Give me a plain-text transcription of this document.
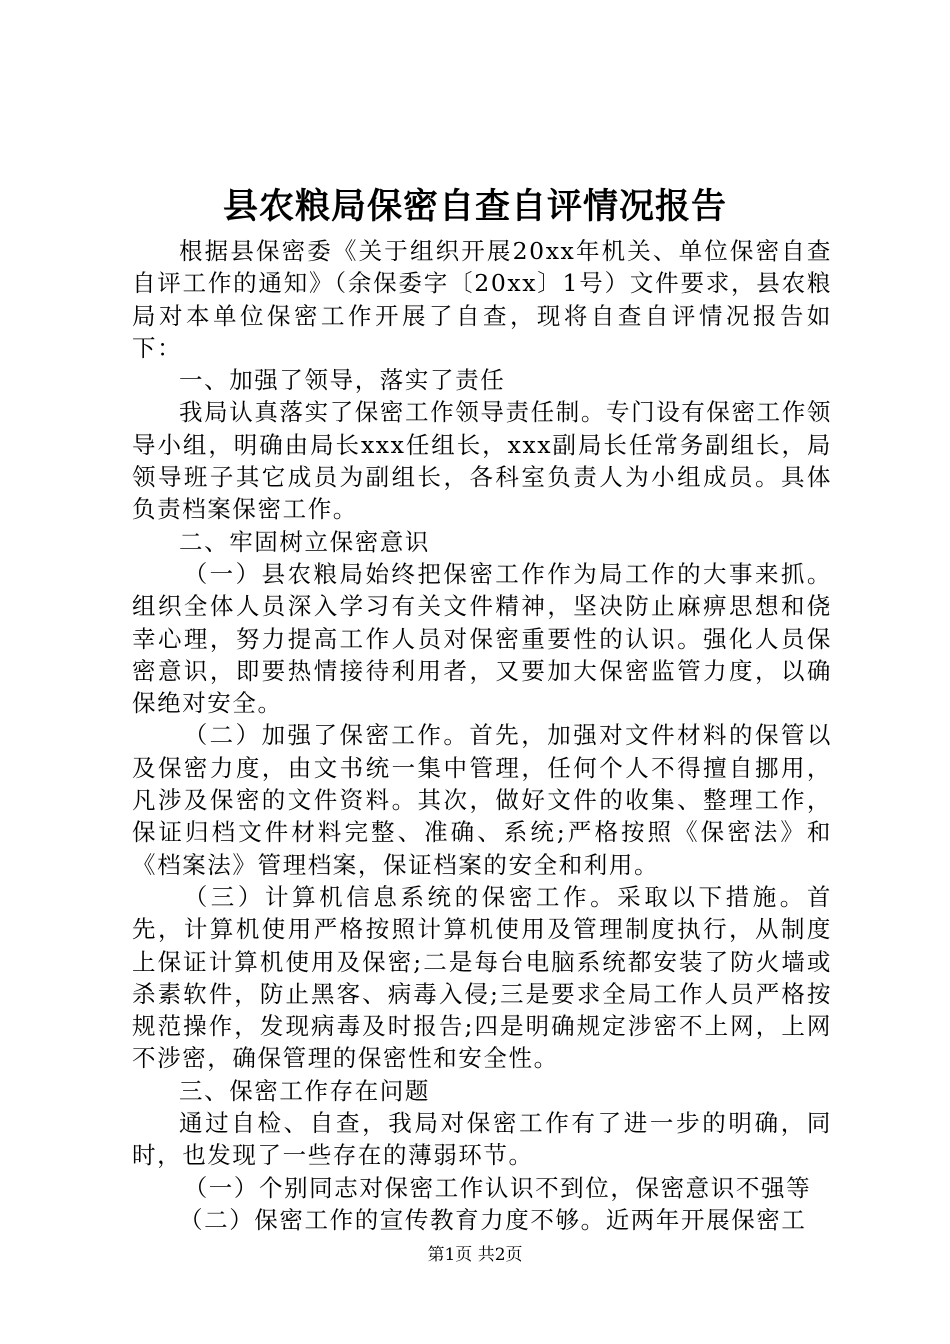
县农粮局保密自查自评情况报告

根据县保密委《关于组织开展20xx年机关、单位保密自查自评工作的通知》（余保委字〔20xx〕1号）文件要求，县农粮局对本单位保密工作开展了自查，现将自查自评情况报告如下：

一、加强了领导，落实了责任

我局认真落实了保密工作领导责任制。专门设有保密工作领导小组，明确由局长xxx任组长，xxx副局长任常务副组长，局领导班子其它成员为副组长，各科室负责人为小组成员。具体负责档案保密工作。

二、牢固树立保密意识

（一）县农粮局始终把保密工作作为局工作的大事来抓。组织全体人员深入学习有关文件精神，坚决防止麻痹思想和侥幸心理，努力提高工作人员对保密重要性的认识。强化人员保密意识，即要热情接待利用者，又要加大保密监管力度，以确保绝对安全。

（二）加强了保密工作。首先，加强对文件材料的保管以及保密力度，由文书统一集中管理，任何个人不得擅自挪用，凡涉及保密的文件资料。其次，做好文件的收集、整理工作，保证归档文件材料完整、准确、系统;严格按照《保密法》和《档案法》管理档案，保证档案的安全和利用。

（三）计算机信息系统的保密工作。采取以下措施。首先，计算机使用严格按照计算机使用及管理制度执行，从制度上保证计算机使用及保密;二是每台电脑系统都安装了防火墙或杀素软件，防止黑客、病毒入侵;三是要求全局工作人员严格按规范操作，发现病毒及时报告;四是明确规定涉密不上网，上网不涉密，确保管理的保密性和安全性。

三、保密工作存在问题

通过自检、自查，我局对保密工作有了进一步的明确，同时，也发现了一些存在的薄弱环节。

（一）个别同志对保密工作认识不到位，保密意识不强等

（二）保密工作的宣传教育力度不够。近两年开展保密工

第1页 共2页
